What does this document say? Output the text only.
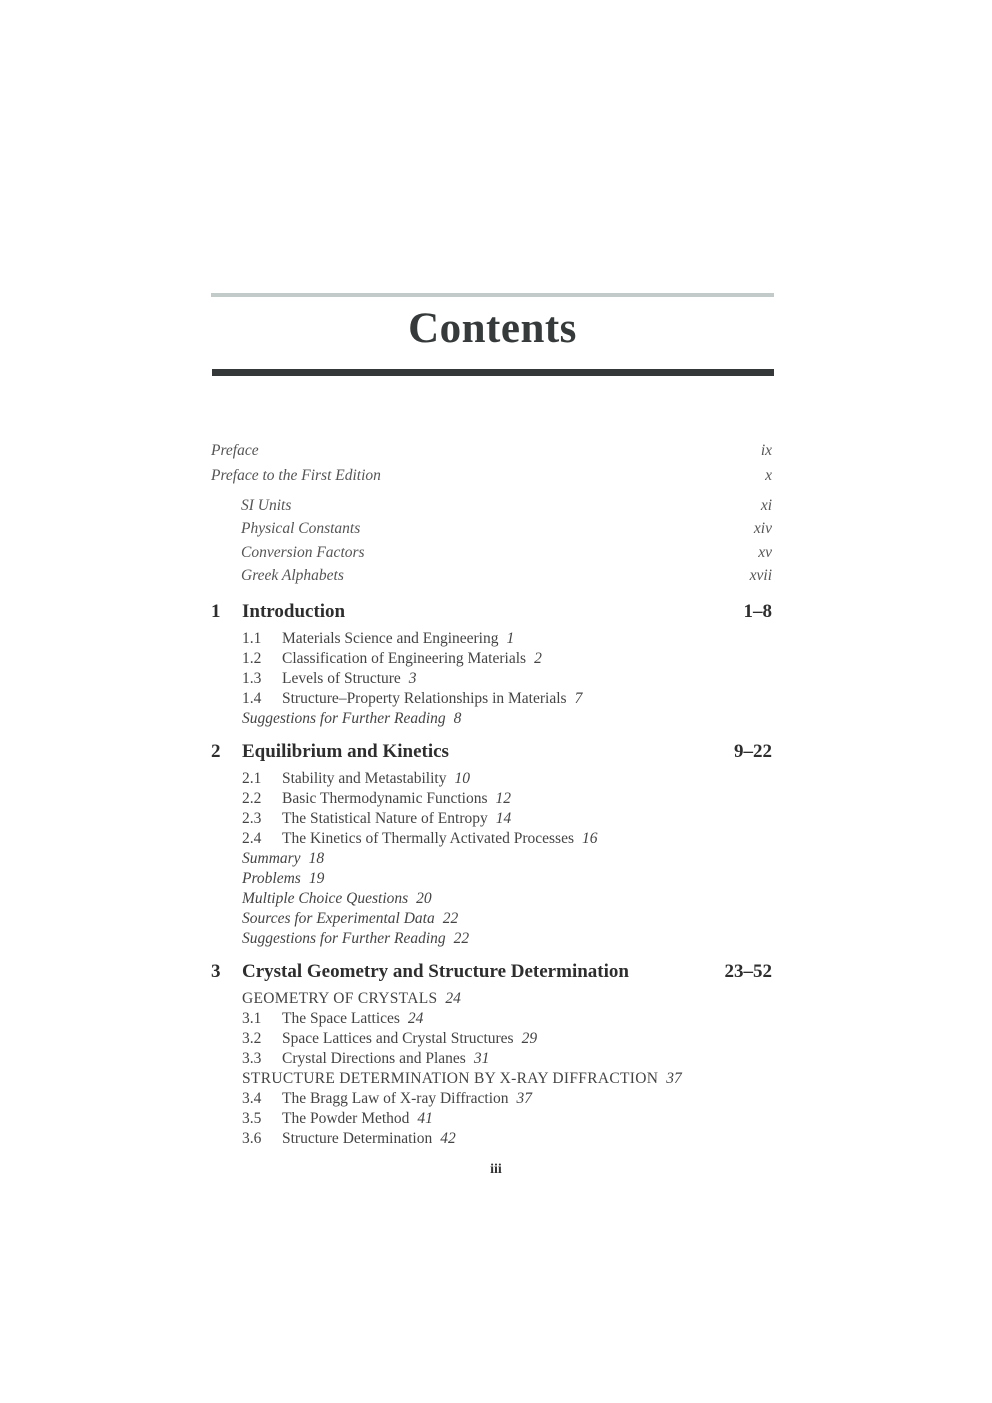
Contents
Preface	ix
Preface to the First Edition	x
SI Units	xi
Physical Constants	xiv
Conversion Factors	xv
Greek Alphabets	xvii
1 Introduction	1–8
1.1 Materials Science and Engineering 1
1.2 Classification of Engineering Materials 2
1.3 Levels of Structure 3
1.4 Structure–Property Relationships in Materials 7
Suggestions for Further Reading 8
2 Equilibrium and Kinetics	9–22
2.1 Stability and Metastability 10
2.2 Basic Thermodynamic Functions 12
2.3 The Statistical Nature of Entropy 14
2.4 The Kinetics of Thermally Activated Processes 16
Summary 18
Problems 19
Multiple Choice Questions 20
Sources for Experimental Data 22
Suggestions for Further Reading 22
3 Crystal Geometry and Structure Determination	23–52
GEOMETRY OF CRYSTALS 24
3.1 The Space Lattices 24
3.2 Space Lattices and Crystal Structures 29
3.3 Crystal Directions and Planes 31
STRUCTURE DETERMINATION BY X-RAY DIFFRACTION 37
3.4 The Bragg Law of X-ray Diffraction 37
3.5 The Powder Method 41
3.6 Structure Determination 42
iii
